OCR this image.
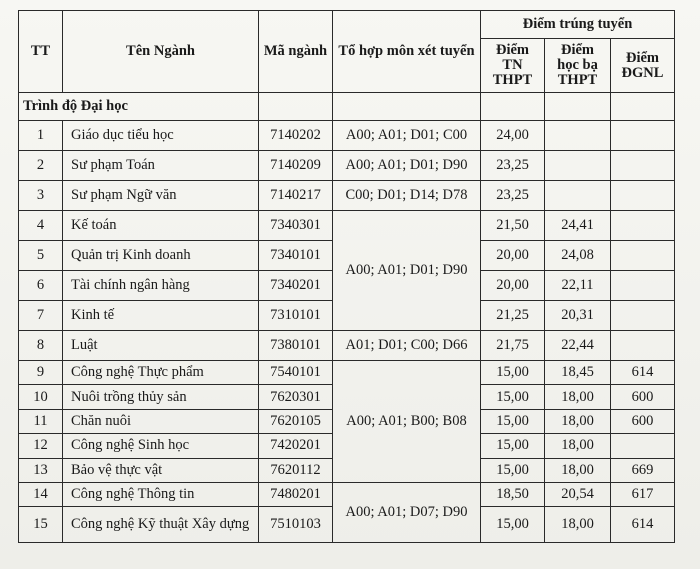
TT	Tên Ngành	Mã ngành	Tổ hợp môn xét tuyển	Điểm trúng tuyển		
				Điểm TN THPT	Điểm học bạ THPT	Điểm ĐGNL
Trình độ Đại học						
1	Giáo dục tiểu học	7140202	A00; A01; D01; C00	24,00		
2	Sư phạm Toán	7140209	A00; A01; D01; D90	23,25		
3	Sư phạm Ngữ văn	7140217	C00; D01; D14; D78	23,25		
4	Kế toán	7340301	A00; A01; D01; D90	21,50	24,41	
5	Quản trị Kinh doanh	7340101		20,00	24,08	
6	Tài chính ngân hàng	7340201		20,00	22,11	
7	Kinh tế	7310101		21,25	20,31	
8	Luật	7380101	A01; D01; C00; D66	21,75	22,44	
9	Công nghệ Thực phẩm	7540101	A00; A01; B00; B08	15,00	18,45	614
10	Nuôi trồng thủy sản	7620301		15,00	18,00	600
11	Chăn nuôi	7620105		15,00	18,00	600
12	Công nghệ Sinh học	7420201		15,00	18,00	
13	Bảo vệ thực vật	7620112		15,00	18,00	669
14	Công nghệ Thông tin	7480201	A00; A01; D07; D90	18,50	20,54	617
15	Công nghệ Kỹ thuật Xây dựng	7510103		15,00	18,00	614
